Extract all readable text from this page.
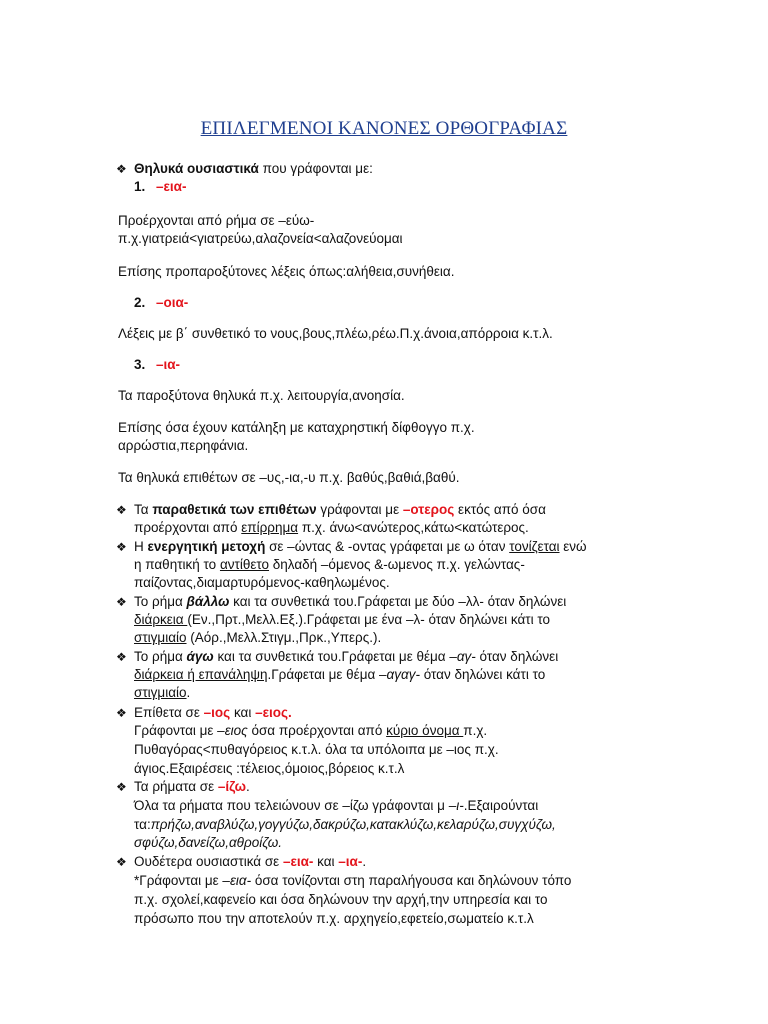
ΕΠΙΛΕΓΜΕΝΟΙ ΚΑΝΟΝΕΣ ΟΡΘΟΓΡΑΦΙΑΣ
❖
Θηλυκά ουσιαστικά που γράφονται με:
1. –εια-
Προέρχονται από ρήμα σε –εύω-
π.χ.γιατρειά<γιατρεύω,αλαζονεία<αλαζονεύομαι
Επίσης προπαροξύτονες λέξεις όπως:αλήθεια,συνήθεια.
2. –οια-
Λέξεις με β΄ συνθετικό το νους,βους,πλέω,ρέω.Π.χ.άνοια,απόρροια κ.τ.λ.
3. –ια-
Τα παροξύτονα θηλυκά π.χ. λειτουργία,ανοησία.
Επίσης όσα έχουν κατάληξη με καταχρηστική δίφθογγο π.χ.
αρρώστια,περηφάνια.
Τα θηλυκά επιθέτων σε –υς,-ια,-υ π.χ. βαθύς,βαθιά,βαθύ.
❖
Τα παραθετικά των επιθέτων γράφονται με –οτερος εκτός από όσα
προέρχονται από επίρρημα π.χ. άνω<ανώτερος,κάτω<κατώτερος.
❖
Η ενεργητική μετοχή σε –ώντας & -οντας γράφεται με ω όταν τονίζεται ενώ
η παθητική το αντίθετο δηλαδή –όμενος &-ωμενος π.χ. γελώντας-
παίζοντας,διαμαρτυρόμενος-καθηλωμένος.
❖
Το ρήμα βάλλω και τα συνθετικά του.Γράφεται με δύο –λλ- όταν δηλώνει
διάρκεια (Εν.,Πρτ.,Μελλ.Εξ.).Γράφεται με ένα –λ- όταν δηλώνει κάτι το
στιγμιαίο (Αόρ.,Μελλ.Στιγμ.,Πρκ.,Υπερς.).
❖
Το ρήμα άγω και τα συνθετικά του.Γράφεται με θέμα –αγ- όταν δηλώνει
διάρκεια ή επανάληψη.Γράφεται με θέμα –αγαγ- όταν δηλώνει κάτι το
στιγμιαίο.
❖
Επίθετα σε –ιος και –ειος.
Γράφονται με –ειος όσα προέρχονται από κύριο όνομα π.χ.
Πυθαγόρας<πυθαγόρειος κ.τ.λ. όλα τα υπόλοιπα με –ιος π.χ.
άγιος.Εξαιρέσεις :τέλειος,όμοιος,βόρειος κ.τ.λ
❖
Τα ρήματα σε –ίζω.
Όλα τα ρήματα που τελειώνουν σε –ίζω γράφονται μ –ι-.Εξαιρούνται
τα:πρήζω,αναβλύζω,γογγύζω,δακρύζω,κατακλύζω,κελαρύζω,συγχύζω,
σφύζω,δανείζω,αθροίζω.
❖
Ουδέτερα ουσιαστικά σε –εια- και –ια-.
*Γράφονται με –εια- όσα τονίζονται στη παραλήγουσα και δηλώνουν τόπο
π.χ. σχολεί,καφενείο και όσα δηλώνουν την αρχή,την υπηρεσία και το
πρόσωπο που την αποτελούν π.χ. αρχηγείο,εφετείο,σωματείο κ.τ.λ
